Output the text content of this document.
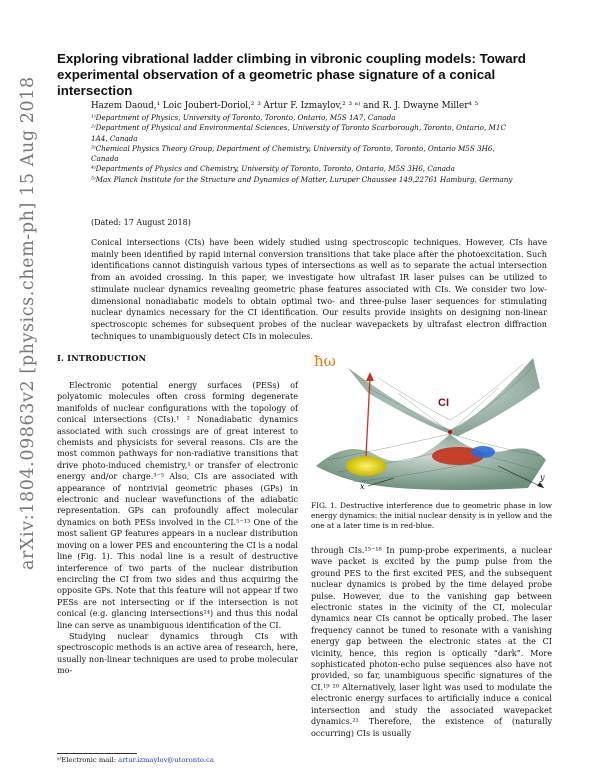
arXiv:1804.09863v2 [physics.chem-ph] 15 Aug 2018
Exploring vibrational ladder climbing in vibronic coupling models: Toward experimental observation of a geometric phase signature of a conical intersection
Hazem Daoud,¹ Loic Joubert-Doriol,² ³ Artur F. Izmaylov,² ³ ᵃ⁾ and R. J. Dwayne Miller⁴ ⁵
¹⁾Department of Physics, University of Toronto, Toronto, Ontario, M5S 1A7, Canada
²⁾Department of Physical and Environmental Sciences, University of Toronto Scarborough, Toronto, Ontario, M1C 1A4, Canada
³⁾Chemical Physics Theory Group, Department of Chemistry, University of Toronto, Toronto, Ontario M5S 3H6, Canada
⁴⁾Departments of Physics and Chemistry, University of Toronto, Toronto, Ontario, M5S 3H6, Canada
⁵⁾Max Planck Institute for the Structure and Dynamics of Matter, Luruper Chaussee 149,22761 Hamburg, Germany
(Dated: 17 August 2018)
Conical intersections (CIs) have been widely studied using spectroscopic techniques. However, CIs have mainly been identified by rapid internal conversion transitions that take place after the photoexcitation. Such identifications cannot distinguish various types of intersections as well as to separate the actual intersection from an avoided crossing. In this paper, we investigate how ultrafast IR laser pulses can be utilized to stimulate nuclear dynamics revealing geometric phase features associated with CIs. We consider two low-dimensional nonadiabatic models to obtain optimal two- and three-pulse laser sequences for stimulating nuclear dynamics necessary for the CI identification. Our results provide insights on designing non-linear spectroscopic schemes for subsequent probes of the nuclear wavepackets by ultrafast electron diffraction techniques to unambiguously detect CIs in molecules.
I. INTRODUCTION

Electronic potential energy surfaces (PESs) of polyatomic molecules often cross forming degenerate manifolds of nuclear configurations with the topology of conical intersections (CIs).¹ ² Nonadiabatic dynamics associated with such crossings are of great interest to chemists and physicists for several reasons. CIs are the most common pathways for non-radiative transitions that drive photo-induced chemistry,¹ or transfer of electronic energy and/or charge.³⁻⁵ Also, CIs are associated with appearance of nontrivial geometric phases (GPs) in electronic and nuclear wavefunctions of the adiabatic representation. GPs can profoundly affect molecular dynamics on both PESs involved in the CI.⁵⁻¹³ One of the most salient GP features appears in a nuclear distribution moving on a lower PES and encountering the CI is a nodal line (Fig. 1). This nodal line is a result of destructive interference of two parts of the nuclear distribution encircling the CI from two sides and thus acquiring the opposite GPs. Note that this feature will not appear if two PESs are not intersecting or if the intersection is not conical (e.g. glancing intersections¹⁴) and thus this nodal line can serve as unambiguous identification of the CI.

Studying nuclear dynamics through CIs with spectroscopic methods is an active area of research, here, usually non-linear techniques are used to probe molecular mo-

ħω
CI
x
y
FIG. 1. Destructive interference due to geometric phase in low energy dynamics: the initial nuclear density is in yellow and the one at a later time is in red-blue.

through CIs.¹⁵⁻¹⁸ In pump-probe experiments, a nuclear wave packet is excited by the pump pulse from the ground PES to the first excited PES, and the subsequent nuclear dynamics is probed by the time delayed probe pulse. However, due to the vanishing gap between electronic states in the vicinity of the CI, molecular dynamics near CIs cannot be optically probed. The laser frequency cannot be tuned to resonate with a vanishing energy gap between the electronic states at the CI vicinity, hence, this region is optically “dark”. More sophisticated photon-echo pulse sequences also have not provided, so far, unambiguous specific signatures of the CI.¹⁹ ²⁰ Alternatively, laser light was used to modulate the electronic energy surfaces to artificially induce a conical intersection and study the associated wavepacket dynamics.²¹ Therefore, the existence of (naturally occurring) CIs is usually

ᵃ⁾Electronic mail: artur.izmaylov@utoronto.ca
